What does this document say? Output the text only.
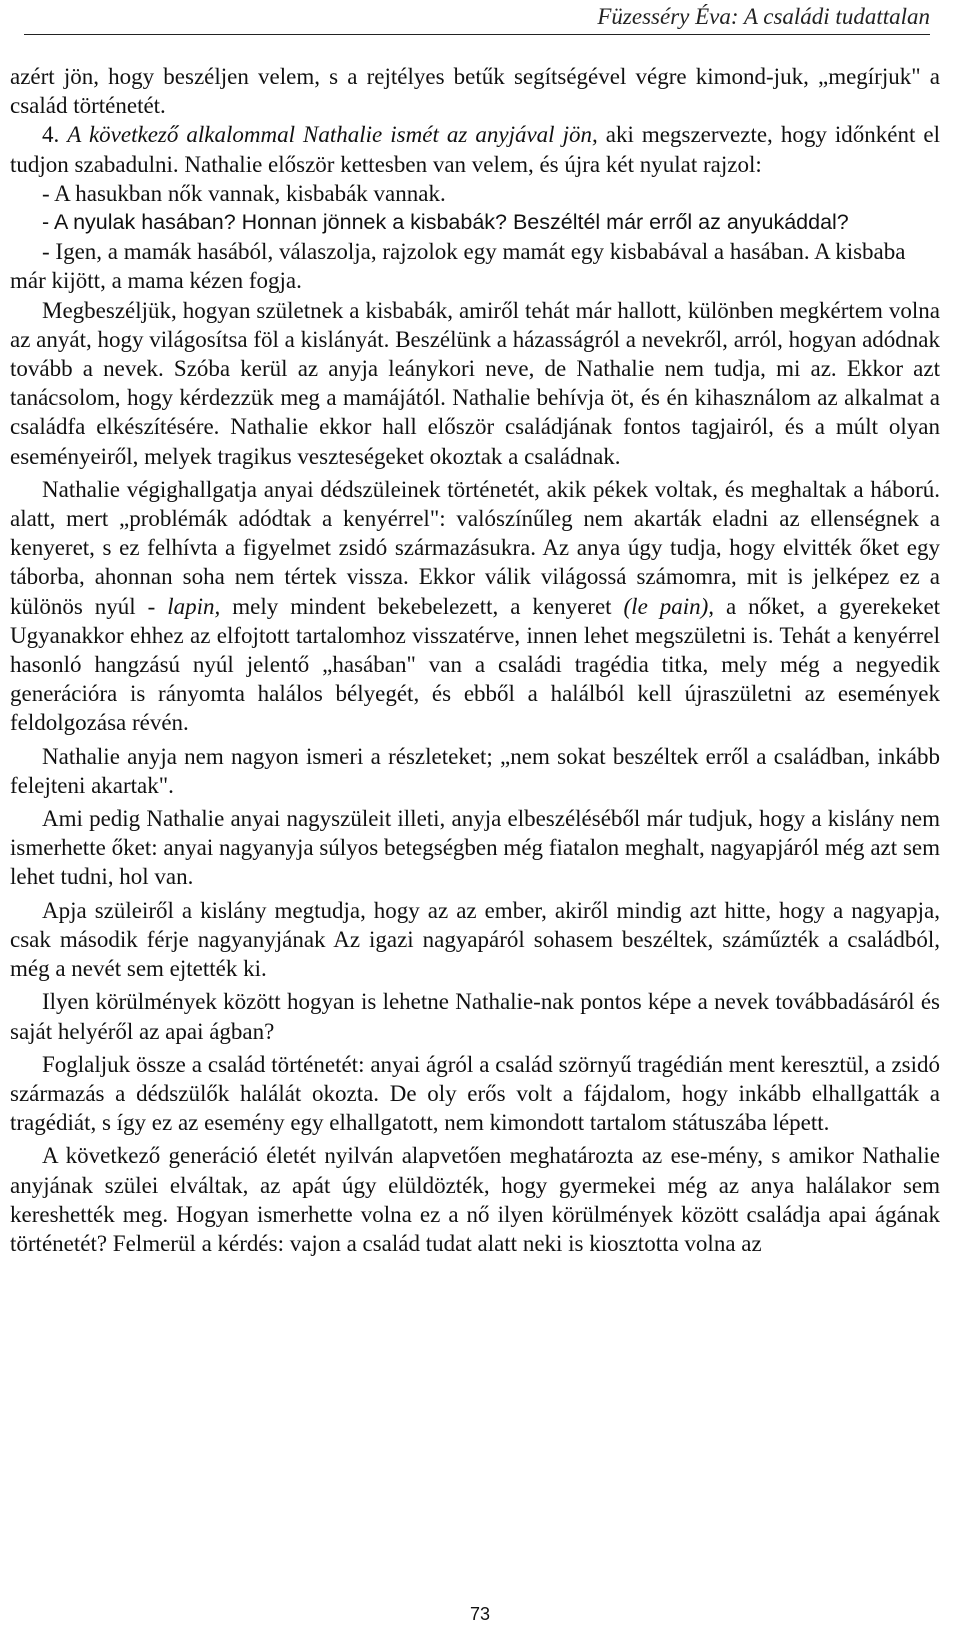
Füzesséry Éva: A családi tudattalan

azért jön, hogy beszéljen velem, s a rejtélyes betűk segítségével végre kimond-juk, „megírjuk" a család történetét.

4. A következő alkalommal Nathalie ismét az anyjával jön, aki megszervezte, hogy időnként el tudjon szabadulni. Nathalie először kettesben van velem, és újra két nyulat rajzol:

- A hasukban nők vannak, kisbabák vannak.

- A nyulak hasában? Honnan jönnek a kisbabák? Beszéltél már erről az anyukáddal?

- Igen, a mamák hasából, válaszolja, rajzolok egy mamát egy kisbabával a hasában. A kisbaba már kijött, a mama kézen fogja.

Megbeszéljük, hogyan születnek a kisbabák, amiről tehát már hallott, különben megkértem volna az anyát, hogy világosítsa föl a kislányát. Beszélünk a házasságról a nevekről, arról, hogyan adódnak tovább a nevek. Szóba kerül az anyja leánykori neve, de Nathalie nem tudja, mi az. Ekkor azt tanácsolom, hogy kérdezzük meg a mamájától. Nathalie behívja öt, és én kihasználom az alkalmat a családfa elkészítésére. Nathalie ekkor hall először családjának fontos tagjairól, és a múlt olyan eseményeiről, melyek tragikus veszteségeket okoztak a családnak.

Nathalie végighallgatja anyai dédszüleinek történetét, akik pékek voltak, és meghaltak a háború. alatt, mert „problémák adódtak a kenyérrel": valószínűleg nem akarták eladni az ellenségnek a kenyeret, s ez felhívta a figyelmet zsidó származásukra. Az anya úgy tudja, hogy elvitték őket egy táborba, ahonnan soha nem tértek vissza. Ekkor válik világossá számomra, mit is jelképez ez a különös nyúl - lapin, mely mindent bekebelezett, a kenyeret (le pain), a nőket, a gyerekeket Ugyanakkor ehhez az elfojtott tartalomhoz visszatérve, innen lehet megszületni is. Tehát a kenyérrel hasonló hangzású nyúl jelentő „hasában" van a családi tragédia titka, mely még a negyedik generációra is rányomta halálos bélyegét, és ebből a halálból kell újraszületni az események feldolgozása révén.

Nathalie anyja nem nagyon ismeri a részleteket; „nem sokat beszéltek erről a családban, inkább felejteni akartak".

Ami pedig Nathalie anyai nagyszüleit illeti, anyja elbeszéléséből már tudjuk, hogy a kislány nem ismerhette őket: anyai nagyanyja súlyos betegségben még fiatalon meghalt, nagyapjáról még azt sem lehet tudni, hol van.

Apja szüleiről a kislány megtudja, hogy az az ember, akiről mindig azt hitte, hogy a nagyapja, csak második férje nagyanyjának Az igazi nagyapáról sohasem beszéltek, száműzték a családból, még a nevét sem ejtették ki.

Ilyen körülmények között hogyan is lehetne Nathalie-nak pontos képe a nevek továbbadásáról és saját helyéről az apai ágban?

Foglaljuk össze a család történetét: anyai ágról a család szörnyű tragédián ment keresztül, a zsidó származás a dédszülők halálát okozta. De oly erős volt a fájdalom, hogy inkább elhallgatták a tragédiát, s így ez az esemény egy elhallgatott, nem kimondott tartalom státuszába lépett.

A következő generáció életét nyilván alapvetően meghatározta az ese-mény, s amikor Nathalie anyjának szülei elváltak, az apát úgy elüldözték, hogy gyermekei még az anya halálakor sem kereshették meg. Hogyan ismerhette volna ez a nő ilyen körülmények között családja apai ágának történetét? Felmerül a kérdés: vajon a család tudat alatt neki is kiosztotta volna az

73
